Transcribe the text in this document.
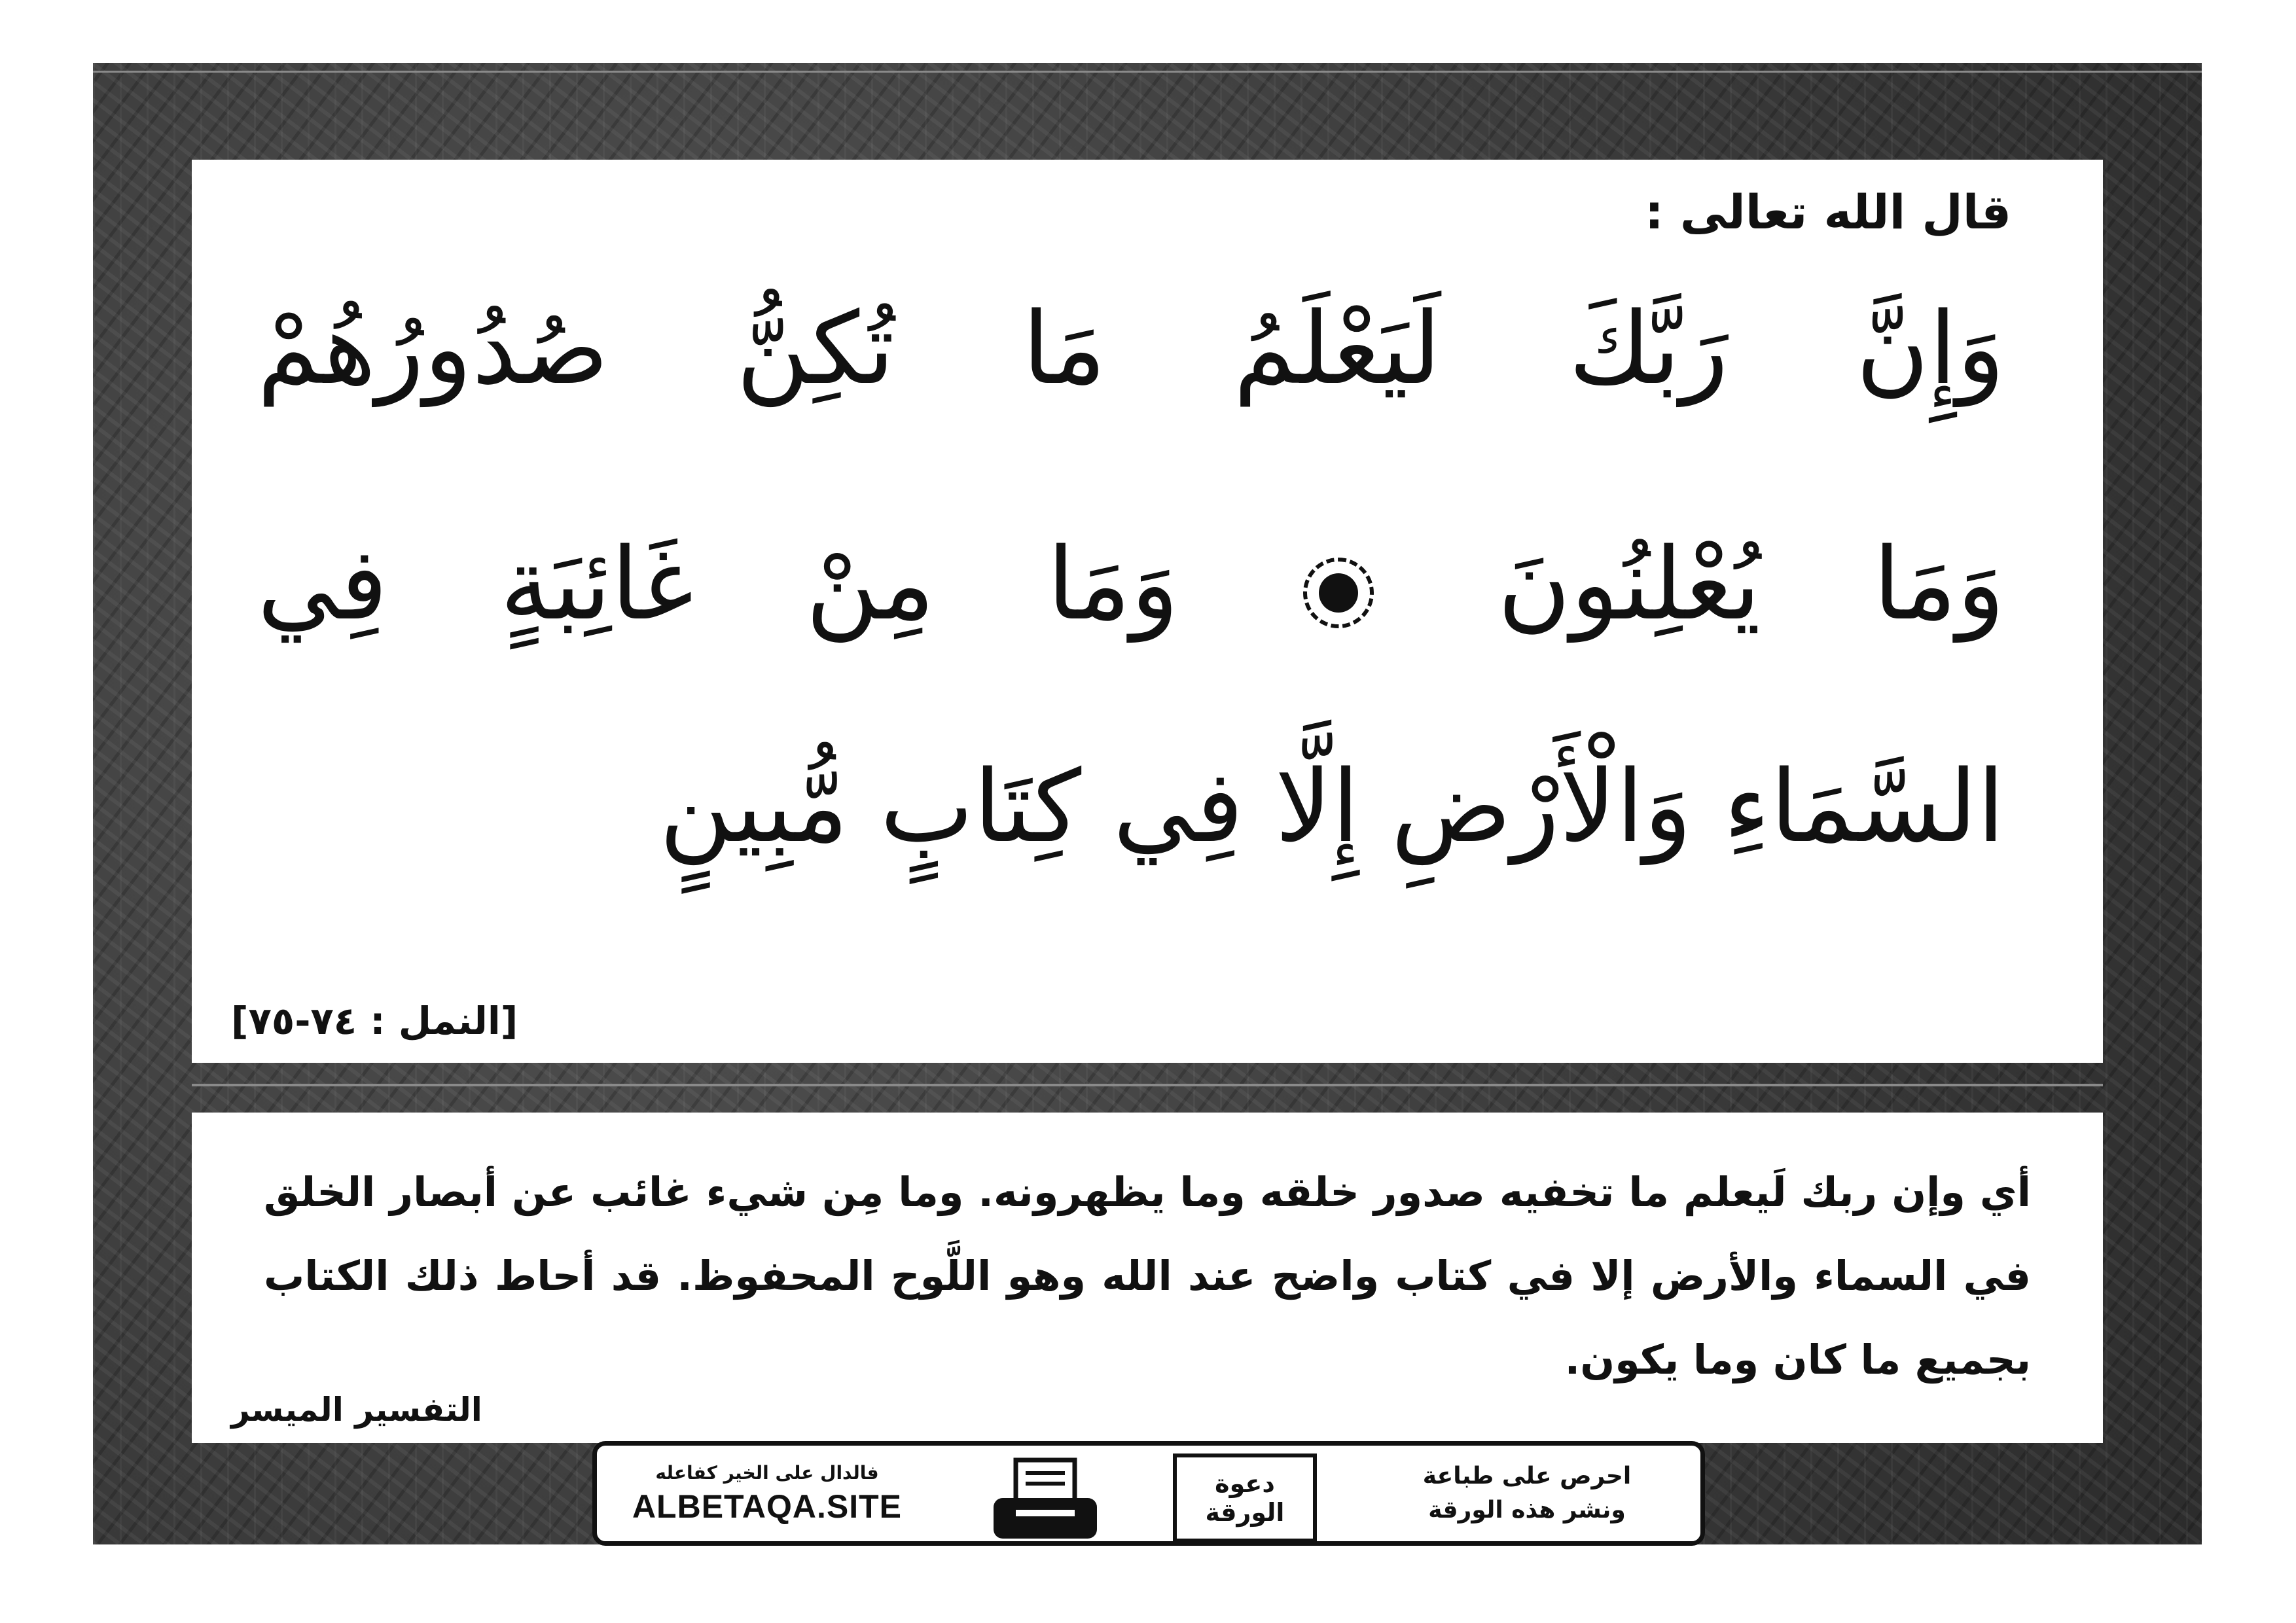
قال الله تعالى :
وَإِنَّ رَبَّكَ لَيَعْلَمُ مَا تُكِنُّ صُدُورُهُمْ
وَمَا يُعْلِنُونَ  وَمَا مِنْ غَائِبَةٍ فِي
السَّمَاءِ وَالْأَرْضِ إِلَّا فِي كِتَابٍ مُّبِينٍ
[النمل : ٧٤-٧٥]
أي وإن ربك لَيعلم ما تخفيه صدور خلقه وما يظهرونه. وما مِن شيء غائب عن أبصار الخلق في السماء والأرض إلا في كتاب واضح عند الله وهو اللَّوح المحفوظ. قد أحاط ذلك الكتاب بجميع ما كان وما يكون.
التفسير الميسر
فالدال على الخير كفاعله
ALBETAQA.SITE
دعوة الورقة
احرص على طباعة
ونشر هذه الورقة
